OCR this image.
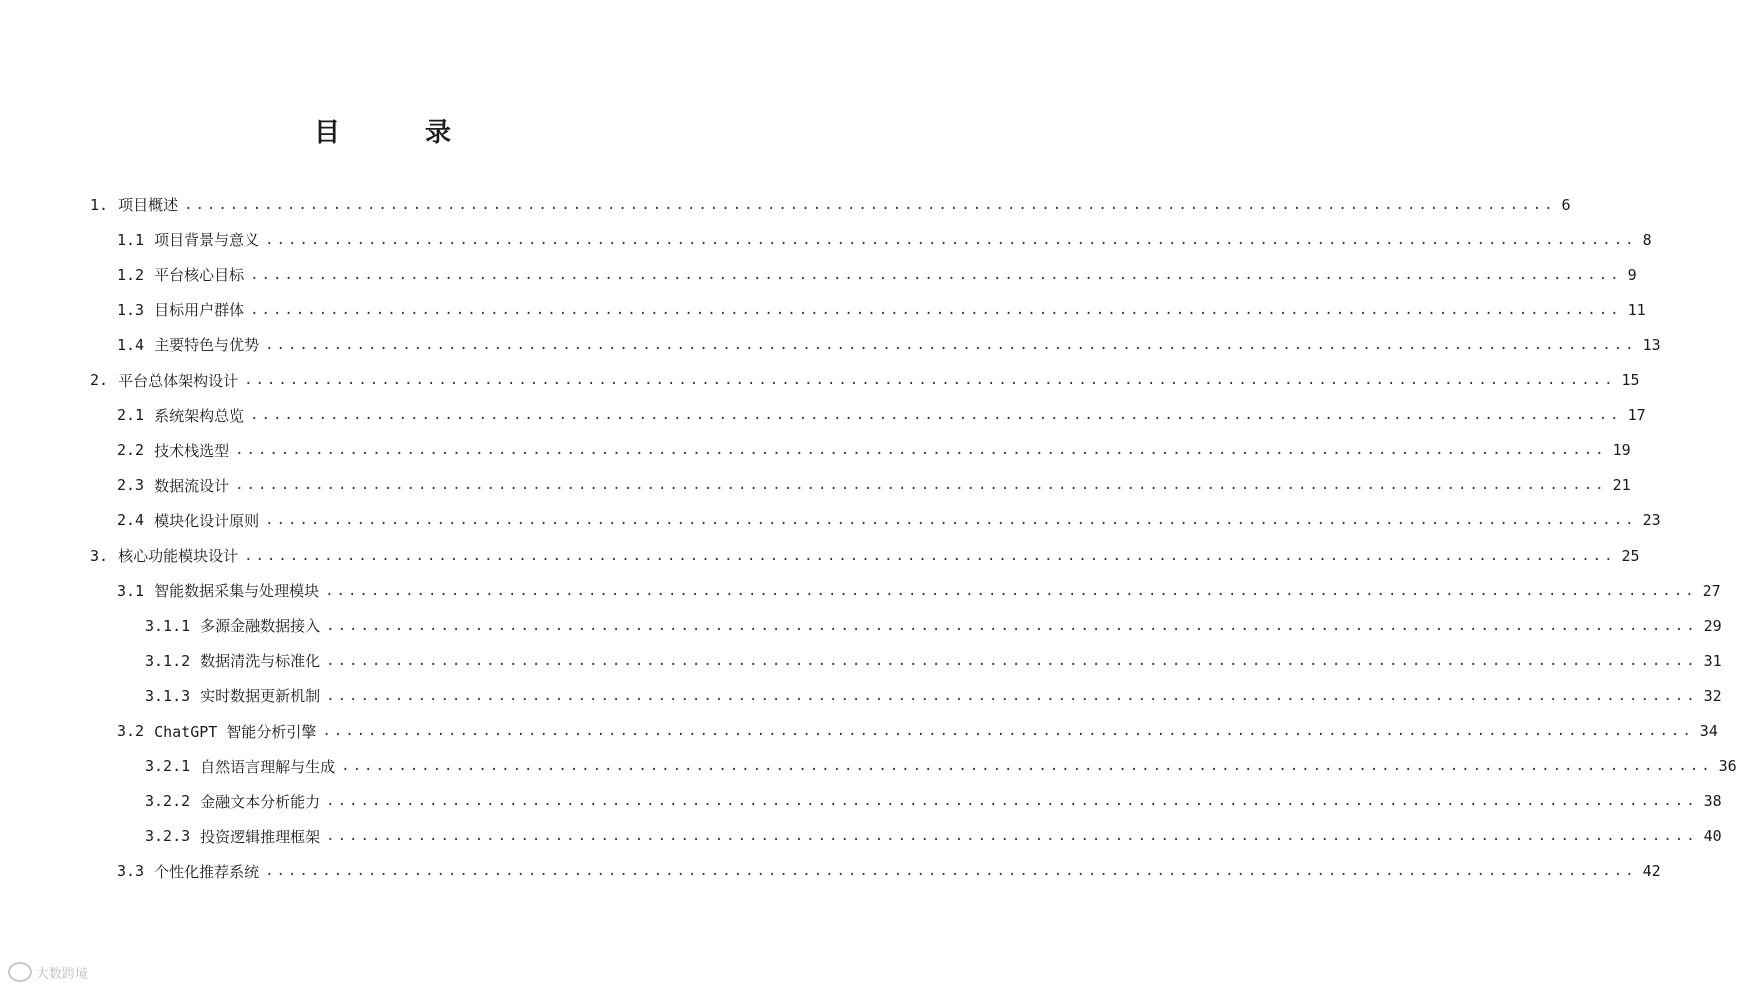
目 录
1. 项目概述 ........................................................................................................................ 6
1.1 项目背景与意义 ........................................................................................................................ 8
1.2 平台核心目标 ........................................................................................................................ 9
1.3 目标用户群体 ........................................................................................................................ 11
1.4 主要特色与优势 ........................................................................................................................ 13
2. 平台总体架构设计 ........................................................................................................................ 15
2.1 系统架构总览 ........................................................................................................................ 17
2.2 技术栈选型 ........................................................................................................................ 19
2.3 数据流设计 ........................................................................................................................ 21
2.4 模块化设计原则 ........................................................................................................................ 23
3. 核心功能模块设计 ........................................................................................................................ 25
3.1 智能数据采集与处理模块 ........................................................................................................................ 27
3.1.1 多源金融数据接入 ........................................................................................................................ 29
3.1.2 数据清洗与标准化 ........................................................................................................................ 31
3.1.3 实时数据更新机制 ........................................................................................................................ 32
3.2 ChatGPT 智能分析引擎 ........................................................................................................................ 34
3.2.1 自然语言理解与生成 ........................................................................................................................ 36
3.2.2 金融文本分析能力 ........................................................................................................................ 38
3.2.3 投资逻辑推理框架 ........................................................................................................................ 40
3.3 个性化推荐系统 ........................................................................................................................ 42
大数跨境
